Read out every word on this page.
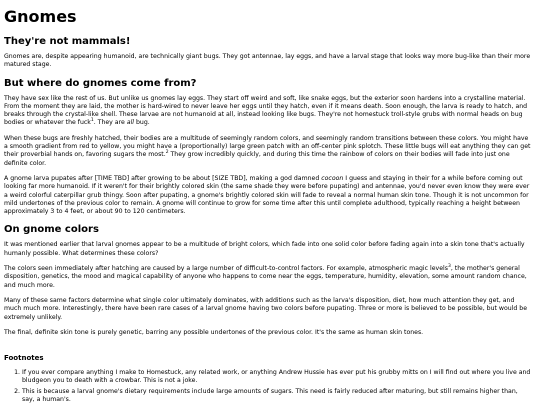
Gnomes
They're not mammals!

Gnomes are, despite appearing humanoid, are technically giant bugs. They got antennae, lay eggs, and have a larval stage that looks way more bug-like than their more matured stage.

But where do gnomes come from?

They have sex like the rest of us. But unlike us gnomes lay eggs. They start off weird and soft, like snake eggs, but the exterior soon hardens into a crystalline material. From the moment they are laid, the mother is hard-wired to never leave her eggs until they hatch, even if it means death. Soon enough, the larva is ready to hatch, and breaks through the crystal-like shell. These larvae are not humanoid at all, instead looking like bugs. They're not homestuck troll-style grubs with normal heads on bug bodies or whatever the fuck$^1$. They are all bug.

When these bugs are freshly hatched, their bodies are a multitude of seemingly random colors, and seemingly random transitions between these colors. You might have a smooth gradient from red to yellow, you might have a (proportionally) large green patch with an off-center pink splotch. These little bugs will eat anything they can get their proverbial hands on, favoring sugars the most.$^2$ They grow incredibly quickly, and during this time the rainbow of colors on their bodies will fade into just one definite color.

A gnome larva pupates after [TIME TBD] after growing to be about [SIZE TBD], making a god damned cocoon I guess and staying in their for a while before coming out looking far more humanoid. If it weren't for their brightly colored skin (the same shade they were before pupating) and antennae, you'd never even know they were ever a weird colorful caterpillar grub thingy. Soon after pupating, a gnome's brightly colored skin will fade to reveal a normal human skin tone. Though it is not uncommon for mild undertones of the previous color to remain. A gnome will continue to grow for some time after this until complete adulthood, typically reaching a height between approximately 3 to 4 feet, or about 90 to 120 centimeters.

On gnome colors

It was mentioned earlier that larval gnomes appear to be a multitude of bright colors, which fade into one solid color before fading again into a skin tone that's actually humanly possible. What determines these colors?

The colors seen immediately after hatching are caused by a large number of difficult-to-control factors. For example, atmospheric magic levels$^3$, the mother's general disposition, genetics, the mood and magical capability of anyone who happens to come near the eggs, temperature, humidity, elevation, some amount random chance, and much more.

Many of these same factors determine what single color ultimately dominates, with additions such as the larva's disposition, diet, how much attention they get, and much much more. Interestingly, there have been rare cases of a larval gnome having two colors before pupating. Three or more is believed to be possible, but would be extremely unlikely.

The final, definite skin tone is purely genetic, barring any possible undertones of the previous color. It's the same as human skin tones.

Footnotes
1. If you ever compare anything I make to Homestuck, any related work, or anything Andrew Hussie has ever put his grubby mitts on I will find out where you live and bludgeon you to death with a crowbar. This is not a joke.
2. This is because a larval gnome's dietary requirements include large amounts of sugars. This need is fairly reduced after maturing, but still remains higher than, say, a human's.
